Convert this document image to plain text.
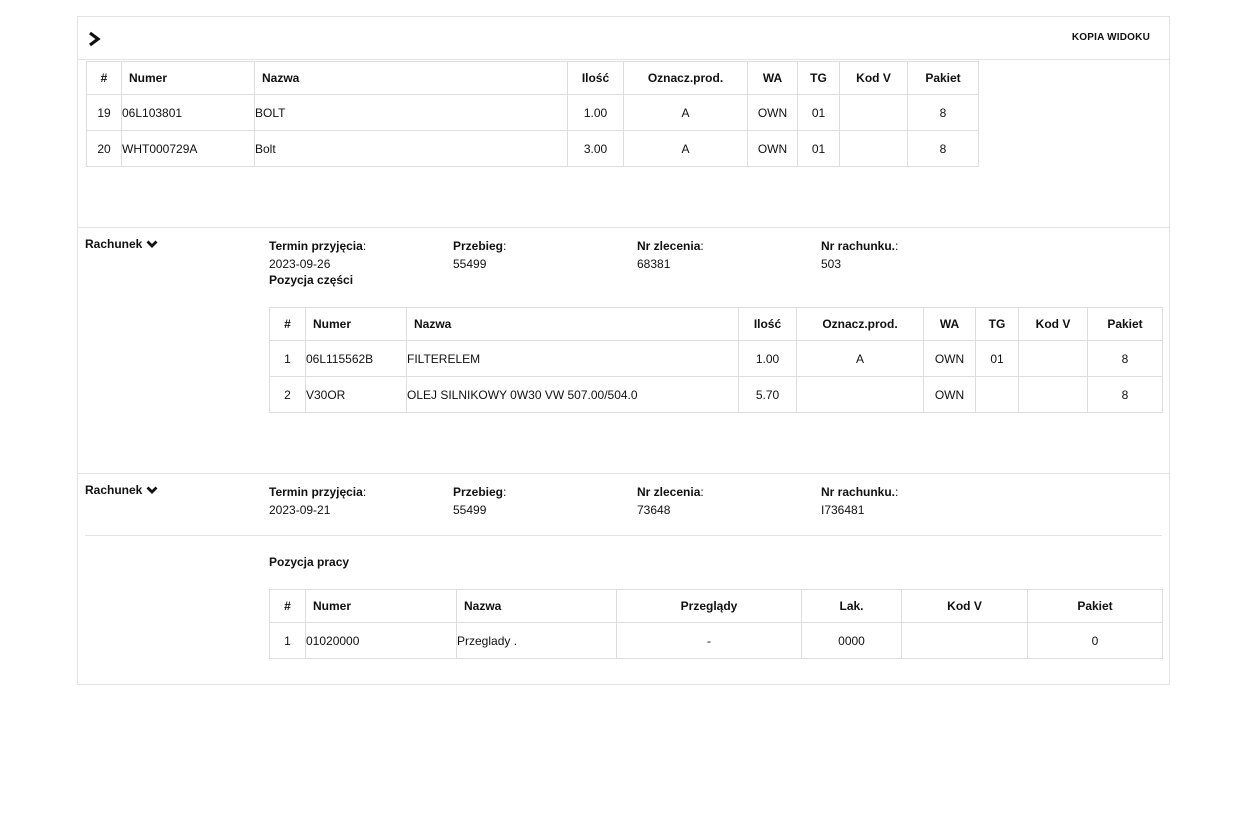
KOPIA WIDOKU
#	Numer	Nazwa	Ilość	Oznacz.prod.	WA	TG	Kod V	Pakiet
19	06L103801	BOLT	1.00	A	OWN	01		8
20	WHT000729A	Bolt	3.00	A	OWN	01		8
Rachunek	Termin przyjęcia :
2023-09-26
Przebieg :
55499
Nr zlecenia :
68381
Nr rachunku. :
503
Pozycja części
#	Numer	Nazwa	Ilość	Oznacz.prod.	WA	TG	Kod V	Pakiet
1	06L115562B	FILTERELEM	1.00	A	OWN	01		8
2	V30OR	OLEJ SILNIKOWY 0W30 VW 507.00/504.0	5.70		OWN			8
Rachunek	Termin przyjęcia :
2023-09-21
Przebieg :
55499
Nr zlecenia :
73648
Nr rachunku. :
I736481
Pozycja pracy
#	Numer	Nazwa	Przeglądy	Lak.	Kod V	Pakiet
1	01020000	Przeglady .	-	0000		0
